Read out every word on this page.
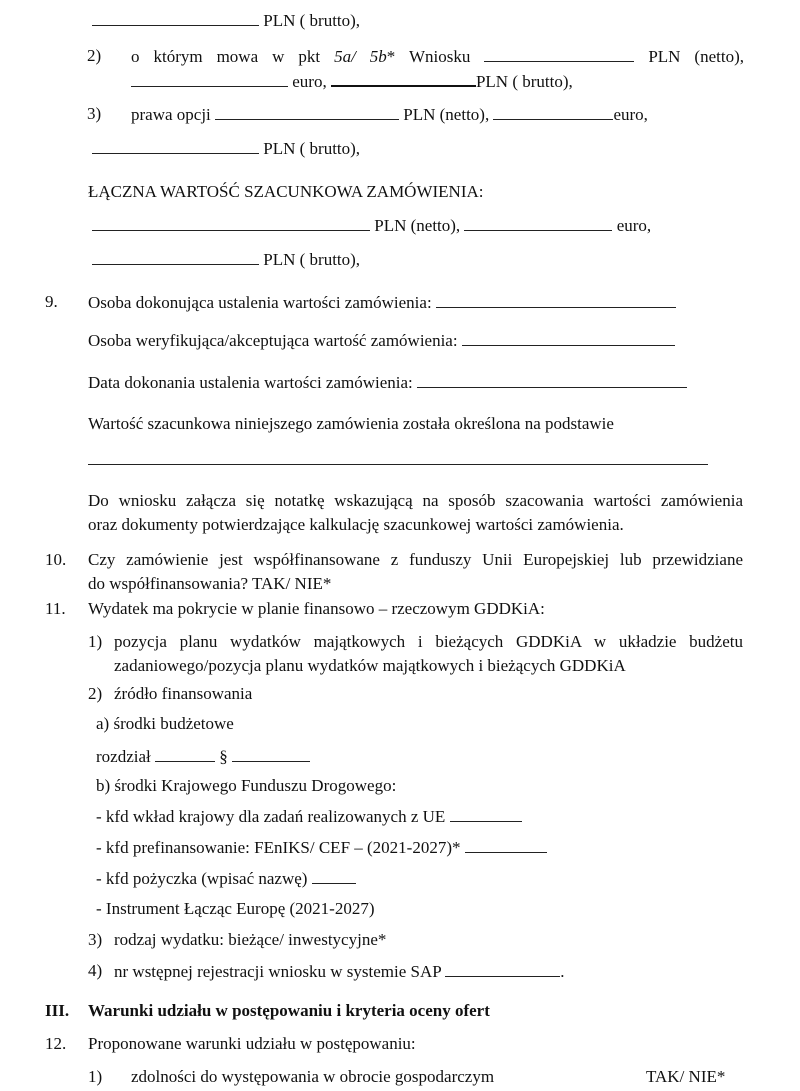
PLN ( brutto),
2) o którym mowa w pkt 5a/ 5b* Wniosku	PLN (netto),
euro,	PLN ( brutto),
3) prawa opcji	PLN (netto),	euro,
PLN ( brutto),
ŁĄCZNA WARTOŚĆ SZACUNKOWA ZAMÓWIENIA:
PLN (netto),	euro,
PLN ( brutto),
9. Osoba dokonująca ustalenia wartości zamówienia:
Osoba weryfikująca/akceptująca wartość zamówienia:
Data dokonania ustalenia wartości zamówienia:
Wartość szacunkowa niniejszego zamówienia została określona na podstawie
Do wniosku załącza się notatkę wskazującą na sposób szacowania wartości zamówienia
oraz dokumenty potwierdzające kalkulację szacunkowej wartości zamówienia.
10. Czy zamówienie jest współfinansowane z funduszy Unii Europejskiej lub przewidziane
do współfinansowania? TAK/ NIE*
11. Wydatek ma pokrycie w planie finansowo – rzeczowym GDDKiA:
1) pozycja planu wydatków majątkowych i bieżących GDDKiA w układzie budżetu
zadaniowego/pozycja planu wydatków majątkowych i bieżących GDDKiA
2) źródło finansowania
a) środki budżetowe
rozdział	§
b) środki Krajowego Funduszu Drogowego:
- kfd wkład krajowy dla zadań realizowanych z UE
- kfd prefinansowanie: FEnIKS/ CEF – (2021-2027)*
- kfd pożyczka (wpisać nazwę)
- Instrument Łącząc Europę (2021-2027)
3) rodzaj wydatku: bieżące/ inwestycyjne*
4) nr wstępnej rejestracji wniosku w systemie SAP	.
III. Warunki udziału w postępowaniu i kryteria oceny ofert
12. Proponowane warunki udziału w postępowaniu:
1) zdolności do występowania w obrocie gospodarczym	TAK/ NIE*
